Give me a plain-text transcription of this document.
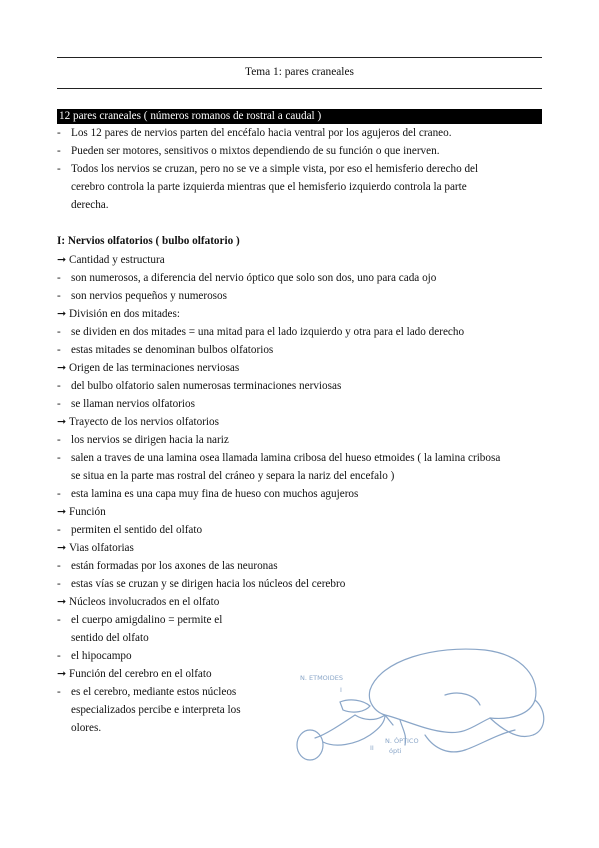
Tema 1: pares craneales
12 pares craneales ( números romanos de rostral a caudal )
- Los 12 pares de nervios parten del encéfalo hacia ventral por los agujeros del craneo.
- Pueden ser motores, sensitivos o mixtos dependiendo de su función o que inerven.
- Todos los nervios se cruzan, pero no se ve a simple vista, por eso el hemisferio derecho del
cerebro controla la parte izquierda mientras que el hemisferio izquierdo controla la parte
derecha.
I: Nervios olfatorios ( bulbo olfatorio )
➞ Cantidad y estructura
- son numerosos, a diferencia del nervio óptico que solo son dos, uno para cada ojo
- son nervios pequeños y numerosos
➞ División en dos mitades:
- se dividen en dos mitades = una mitad para el lado izquierdo y otra para el lado derecho
- estas mitades se denominan bulbos olfatorios
➞ Origen de las terminaciones nerviosas
- del bulbo olfatorio salen numerosas terminaciones nerviosas
- se llaman nervios olfatorios
➞ Trayecto de los nervios olfatorios
- los nervios se dirigen hacia la nariz
- salen a traves de una lamina osea llamada lamina cribosa del hueso etmoides ( la lamina cribosa
se situa en la parte mas rostral del cráneo y separa la nariz del encefalo )
- esta lamina es una capa muy fina de hueso con muchos agujeros
➞ Función
- permiten el sentido del olfato
➞ Vias olfatorias
- están formadas por los axones de las neuronas
- estas vías se cruzan y se dirigen hacia los núcleos del cerebro
➞ Núcleos involucrados en el olfato
- el cuerpo amigdalino = permite el
sentido del olfato
- el hipocampo
➞ Función del cerebro en el olfato
- es el cerebro, mediante estos núcleos
especializados percibe e interpreta los
olores.
N. ETMOIDES
I
II
N. ÓPTICO
ópti
